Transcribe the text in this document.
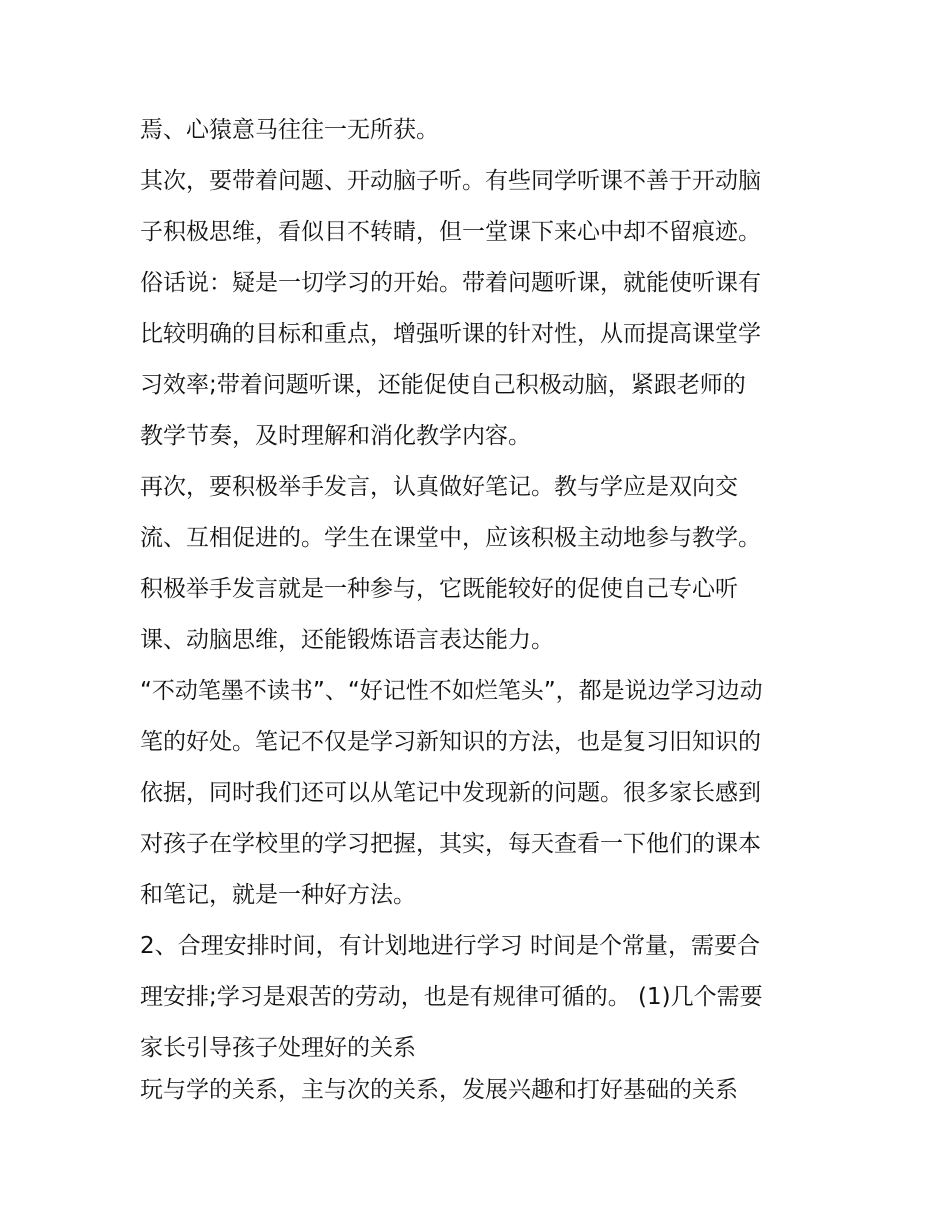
焉、心猿意马往往一无所获。
其次，要带着问题、开动脑子听。有些同学听课不善于开动脑
子积极思维，看似目不转睛，但一堂课下来心中却不留痕迹。
俗话说：疑是一切学习的开始。带着问题听课，就能使听课有
比较明确的目标和重点，增强听课的针对性，从而提高课堂学
习效率;带着问题听课，还能促使自己积极动脑，紧跟老师的
教学节奏，及时理解和消化教学内容。
再次，要积极举手发言，认真做好笔记。教与学应是双向交
流、互相促进的。学生在课堂中，应该积极主动地参与教学。
积极举手发言就是一种参与，它既能较好的促使自己专心听
课、动脑思维，还能锻炼语言表达能力。
“不动笔墨不读书”、“好记性不如烂笔头”，都是说边学习边动
笔的好处。笔记不仅是学习新知识的方法，也是复习旧知识的
依据，同时我们还可以从笔记中发现新的问题。很多家长感到
对孩子在学校里的学习把握，其实，每天查看一下他们的课本
和笔记，就是一种好方法。
2、合理安排时间，有计划地进行学习 时间是个常量，需要合
理安排;学习是艰苦的劳动，也是有规律可循的。 (1)几个需要
家长引导孩子处理好的关系
玩与学的关系，主与次的关系，发展兴趣和打好基础的关系
